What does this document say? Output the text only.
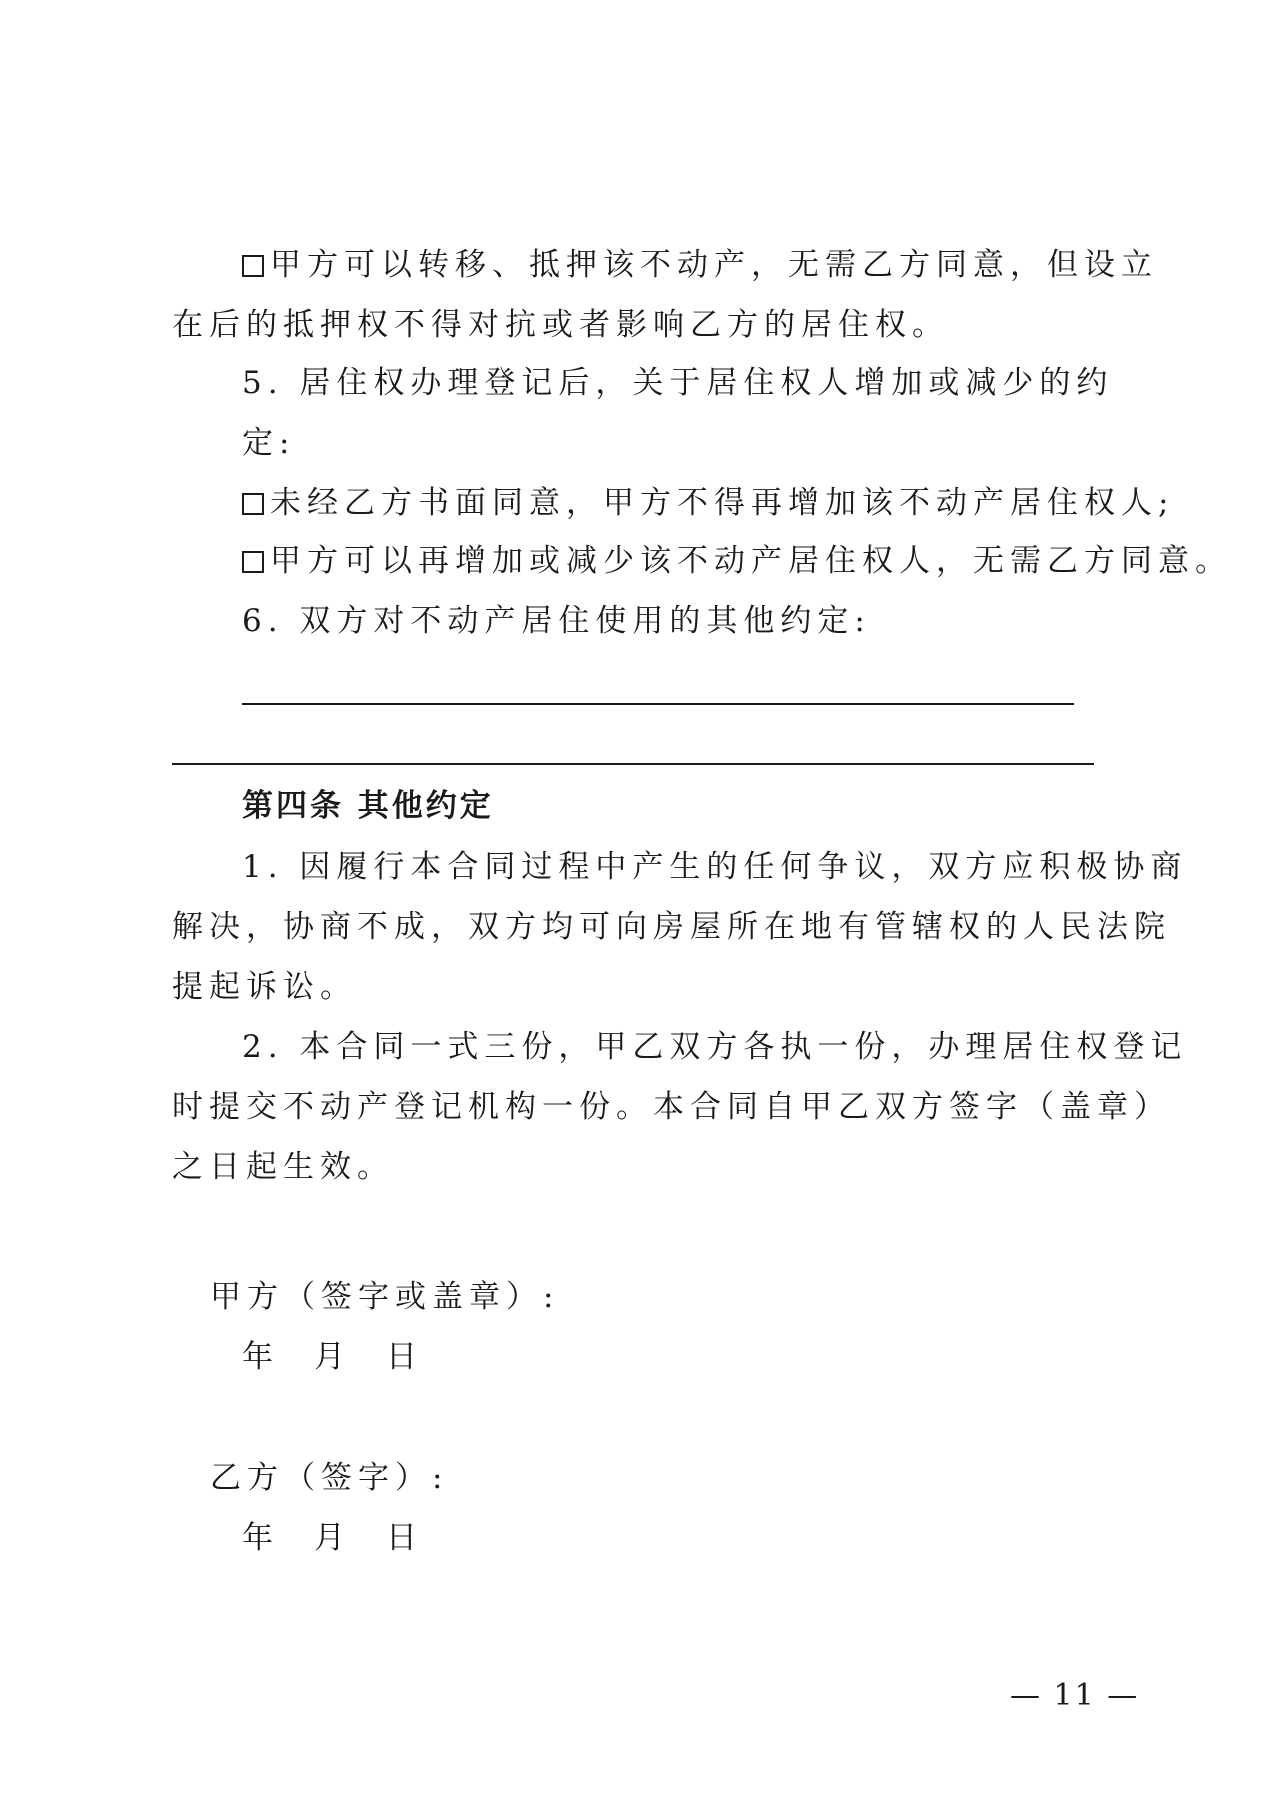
甲方可以转移、抵押该不动产，无需乙方同意，但设立
在后的抵押权不得对抗或者影响乙方的居住权。
5. 居住权办理登记后，关于居住权人增加或减少的约
定:
未经乙方书面同意，甲方不得再增加该不动产居住权人;
甲方可以再增加或减少该不动产居住权人，无需乙方同意。
6. 双方对不动产居住使用的其他约定:
第四条 其他约定
1. 因履行本合同过程中产生的任何争议，双方应积极协商
解决，协商不成，双方均可向房屋所在地有管辖权的人民法院
提起诉讼。
2. 本合同一式三份，甲乙双方各执一份，办理居住权登记
时提交不动产登记机构一份。本合同自甲乙双方签字（盖章）
之日起生效。
甲方（签字或盖章）:
年 月 日
乙方（签字）:
年 月 日
— 11 —
